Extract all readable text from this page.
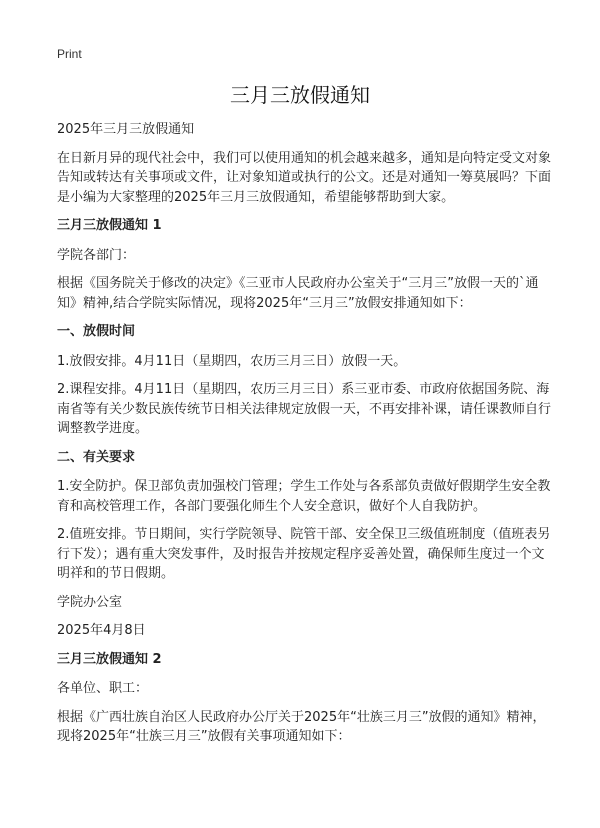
Print
三月三放假通知

2025年三月三放假通知

在日新月异的现代社会中，我们可以使用通知的机会越来越多，通知是向特定受文对象告知或转达有关事项或文件，让对象知道或执行的公文。还是对通知一筹莫展吗？下面是小编为大家整理的2025年三月三放假通知，希望能够帮助到大家。

三月三放假通知 1

学院各部门：

根据《国务院关于修改的决定》《三亚市人民政府办公室关于“三月三”放假一天的`通知》精神,结合学院实际情况，现将2025年“三月三”放假安排通知如下：

一、放假时间

1.放假安排。4月11日（星期四，农历三月三日）放假一天。

2.课程安排。4月11日（星期四，农历三月三日）系三亚市委、市政府依据国务院、海南省等有关少数民族传统节日相关法律规定放假一天，不再安排补课，请任课教师自行调整教学进度。

二、有关要求

1.安全防护。保卫部负责加强校门管理；学生工作处与各系部负责做好假期学生安全教育和高校管理工作，各部门要强化师生个人安全意识，做好个人自我防护。

2.值班安排。节日期间，实行学院领导、院管干部、安全保卫三级值班制度（值班表另行下发）；遇有重大突发事件，及时报告并按规定程序妥善处置，确保师生度过一个文明祥和的节日假期。

学院办公室

2025年4月8日

三月三放假通知 2

各单位、职工：

根据《广西壮族自治区人民政府办公厅关于2025年“壮族三月三”放假的通知》精神，现将2025年“壮族三月三”放假有关事项通知如下：
